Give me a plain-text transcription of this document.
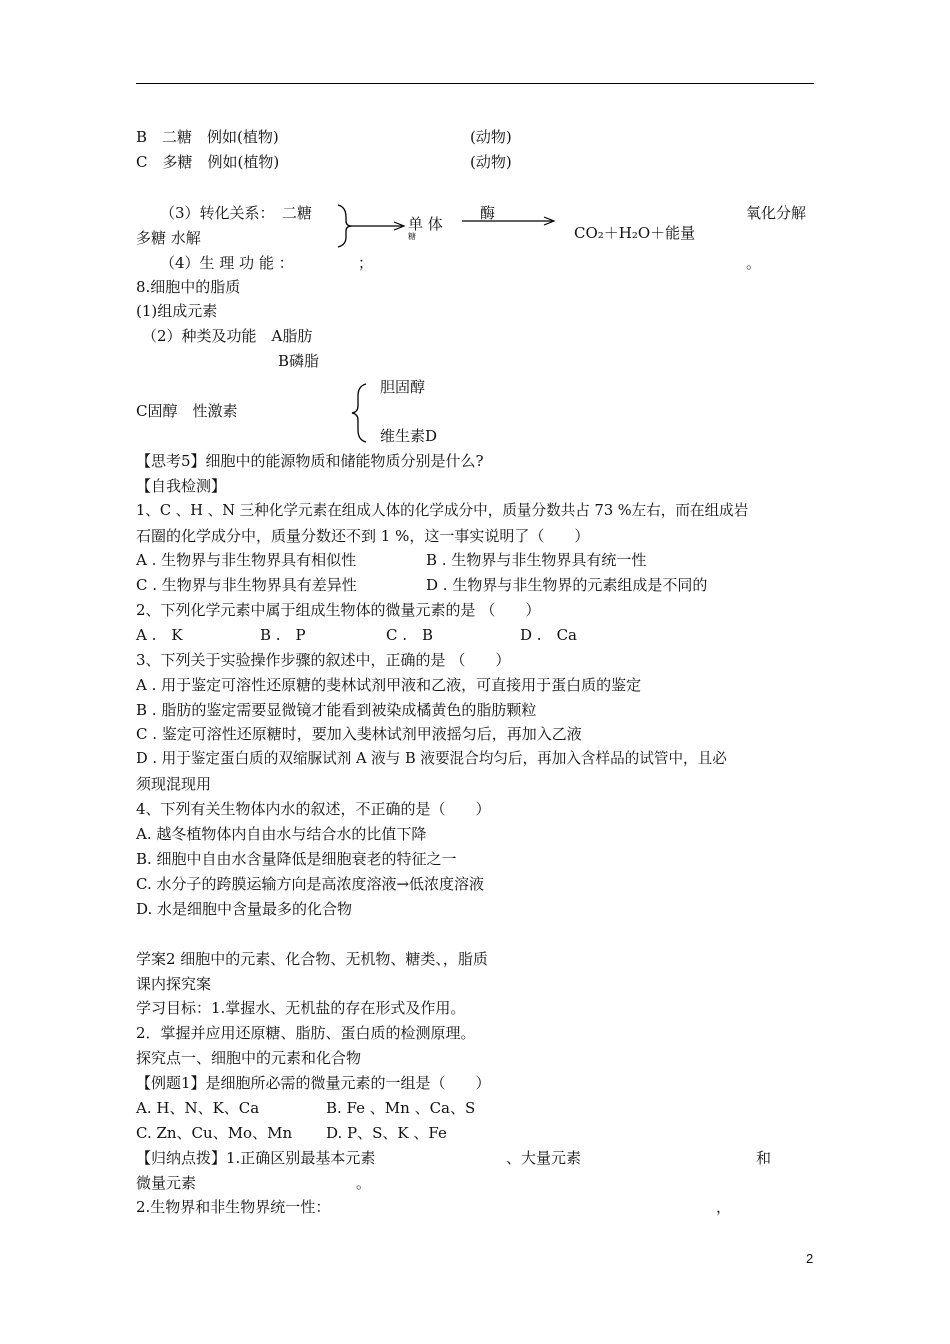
B　二糖　例如(植物)	(动物)
C　多糖　例如(植物)	(动物)
（3）转化关系：　二糖
多糖 水解
单 体
糖
酶
CO₂＋H₂O＋能量
氧化分解
（4）生 理 功 能 ：	；	。
8.细胞中的脂质
(1)组成元素
（2）种类及功能　A脂肪
B磷脂
胆固醇
C固醇　性激素
维生素D
【思考5】细胞中的能源物质和储能物质分别是什么?
【自我检测】
1、C 、H 、N 三种化学元素在组成人体的化学成分中，质量分数共占 73 %左右，而在组成岩
石圈的化学成分中，质量分数还不到 1 %，这一事实说明了（　　）
A . 生物界与非生物界具有相似性	B . 生物界与非生物界具有统一性
C . 生物界与非生物界具有差异性	D . 生物界与非生物界的元素组成是不同的
2、下列化学元素中属于组成生物体的微量元素的是 （　　）
A .　K	B .　P	C .　B	D .　Ca
3、下列关于实验操作步骤的叙述中，正确的是 （　　）
A . 用于鉴定可溶性还原糖的斐林试剂甲液和乙液，可直接用于蛋白质的鉴定
B . 脂肪的鉴定需要显微镜才能看到被染成橘黄色的脂肪颗粒
C . 鉴定可溶性还原糖时，要加入斐林试剂甲液摇匀后，再加入乙液
D . 用于鉴定蛋白质的双缩脲试剂 A 液与 B 液要混合均匀后，再加入含样品的试管中，且必
须现混现用
4、下列有关生物体内水的叙述，不正确的是（　　）
A. 越冬植物体内自由水与结合水的比值下降
B. 细胞中自由水含量降低是细胞衰老的特征之一
C. 水分子的跨膜运输方向是高浓度溶液→低浓度溶液
D. 水是细胞中含量最多的化合物
学案2 细胞中的元素、化合物、无机物、糖类、，脂质
课内探究案
学习目标：1.掌握水、无机盐的存在形式及作用。
2．掌握并应用还原糖、脂肪、蛋白质的检测原理。
探究点一、细胞中的元素和化合物
【例题1】是细胞所必需的微量元素的一组是（　　）
A. H、N、K、Ca	B. Fe 、Mn 、Ca、S
C. Zn、Cu、Mo、Mn D. P、S、K 、Fe
【归纳点拨】1.正确区别最基本元素	、大量元素	和
微量元素	。
2.生物界和非生物界统一性：	，
2
